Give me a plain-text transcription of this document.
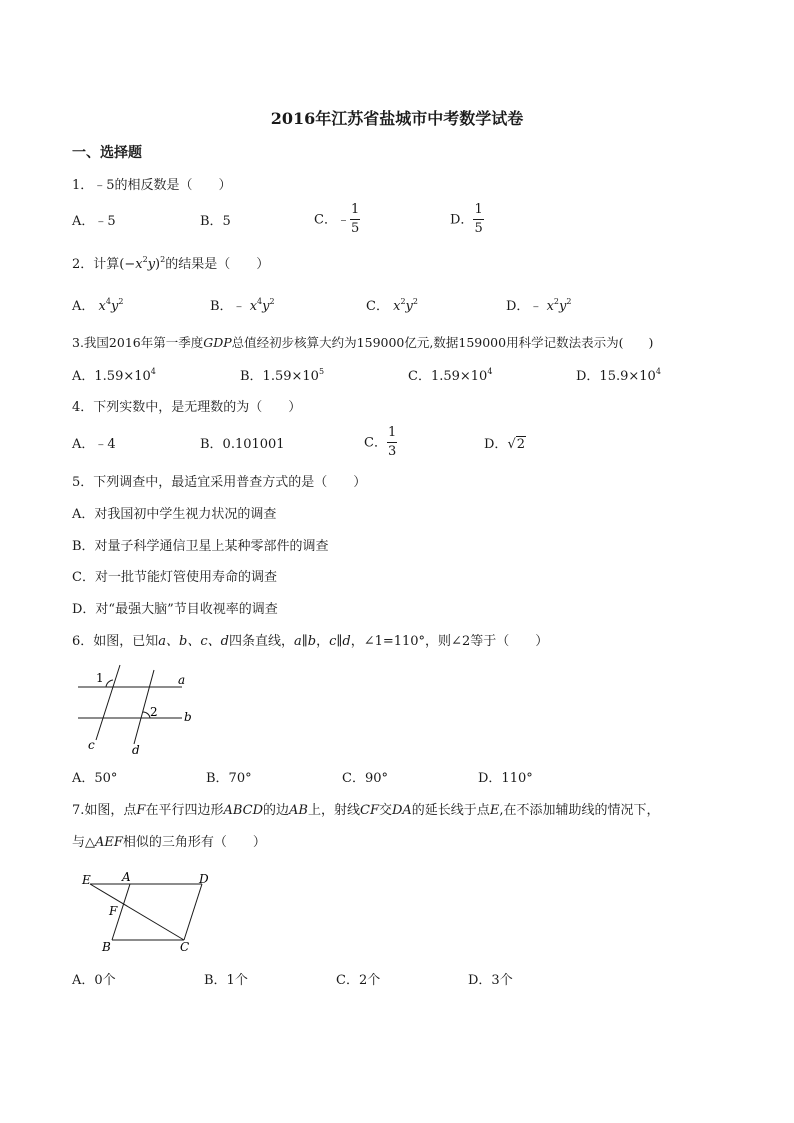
2016年江苏省盐城市中考数学试卷
一、选择题
1．﹣5的相反数是（　　）
A．﹣5	B．5	C．﹣ $\frac{1}{5}$	D． $\frac{1}{5}$
2．计算$(-x^2y)^2$的结果是（　　）
A． $x^4y^2$	B．﹣ $x^4y^2$	C． $x^2y^2$	D．﹣ $x^2y^2$
3.我国2016年第一季度GDP总值经初步核算大约为159000亿元,数据159000用科学记数法表示为(　　)
A．$1.59\times 10^4$	B．$1.59\times 10^5$	C．$1.59\times 10^4$	D．$15.9\times 10^4$
4．下列实数中，是无理数的为（　　）
A．﹣4	B．0.101001	C． $\frac{1}{3}$	D．√2
5．下列调查中，最适宜采用普查方式的是（　　）
A．对我国初中学生视力状况的调查
B．对量子科学通信卫星上某种零部件的调查
C．对一批节能灯管使用寿命的调查
D．对“最强大脑”节目收视率的调查
6．如图，已知a、b、c、d四条直线，a∥b，c∥d，∠1=110°，则∠2等于（　　）
1
2
a
b
c	d
A．50°	B．70°	C．90°	D．110°
7.如图，点F在平行四边形ABCD的边AB上，射线CF交DA的延长线于点E,在不添加辅助线的情况下，
与△AEF相似的三角形有（　　）
E	A	D
F
B	C
A．0个	B．1个	C．2个	D．3个
